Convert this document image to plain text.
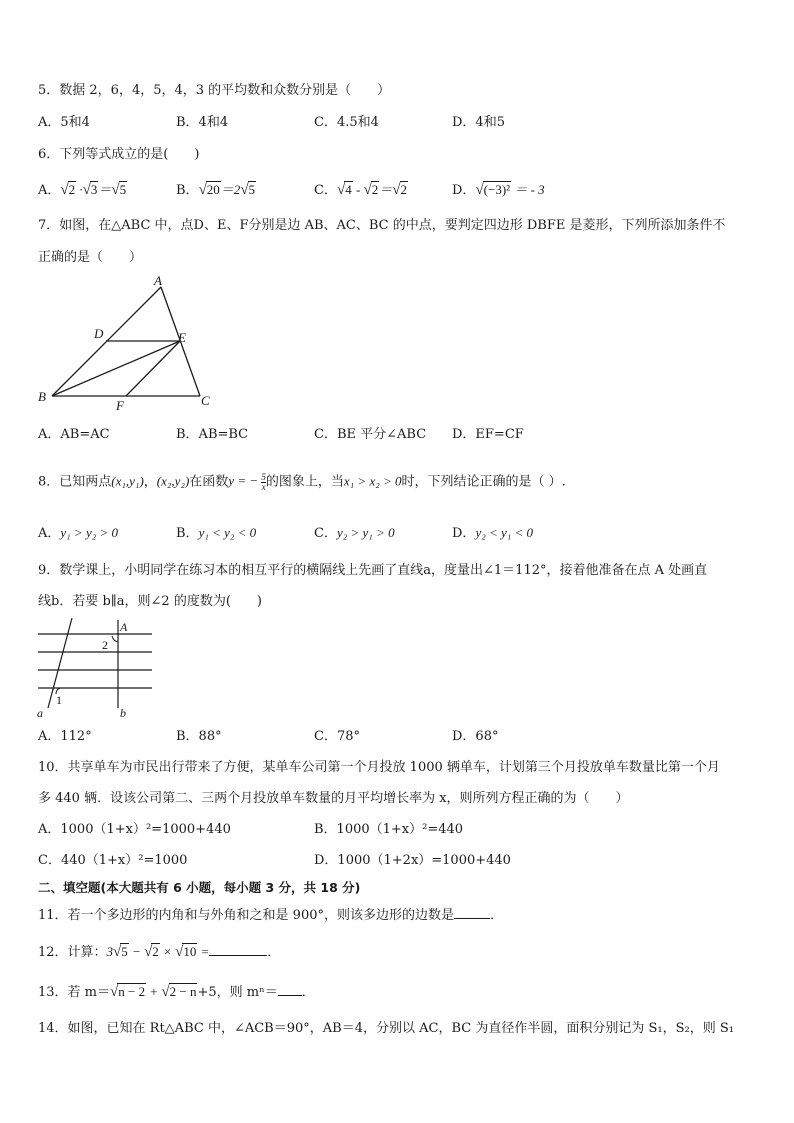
5．数据 2，6，4，5，4，3 的平均数和众数分别是（　　）
A．5和4	B．4和4	C．4.5和4	D．4和5
6．下列等式成立的是(　　)
A．√2 ·√3＝√5	B．√20＝2√5	C．√4 - √2＝√2	D．√(−3)² ＝ - 3
7．如图，在△ABC 中，点D、E、F分别是边 AB、AC、BC 的中点，要判定四边形 DBFE 是菱形，下列所添加条件不
正确的是（　　）
A
D	E
B
F	C
A．AB=AC	B．AB=BC	C．BE 平分∠ABC D．EF=CF
8．已知两点(x₁,y₁)，(x₂,y₂)在函数y = − $\frac{5}{x}$ 的图象上，当x₁ > x₂ > 0时，下列结论正确的是（ ）.
A．y₁ > y₂ > 0	B．y₁ < y₂ < 0	C．y₂ > y₁ > 0	D．y₂ < y₁ < 0
9．数学课上，小明同学在练习本的相互平行的横隔线上先画了直线a，度量出∠1＝112°，接着他准备在点 A 处画直
线b．若要 b∥a，则∠2 的度数为(　　)
A
2
1
a	b
A．112°	B．88°	C．78°	D．68°
10．共享单车为市民出行带来了方便，某单车公司第一个月投放 1000 辆单车，计划第三个月投放单车数量比第一个月
多 440 辆．设该公司第二、三两个月投放单车数量的月平均增长率为 x，则所列方程正确的为（　　）
A．1000（1+x）²=1000+440	B．1000（1+x）²=440
C．440（1+x）²=1000	D．1000（1+2x）=1000+440
二、填空题(本大题共有 6 小题，每小题 3 分，共 18 分)
11．若一个多边形的内角和与外角和之和是 900°，则该多边形的边数是	．
12．计算：3√5 − √2 × √10 =	．
13．若 m＝√n − 2 + √2 − n+5，则 mⁿ＝ ．
14．如图，已知在 Rt△ABC 中，∠ACB＝90°，AB＝4，分别以 AC，BC 为直径作半圆，面积分别记为 S₁，S₂，则 S₁
